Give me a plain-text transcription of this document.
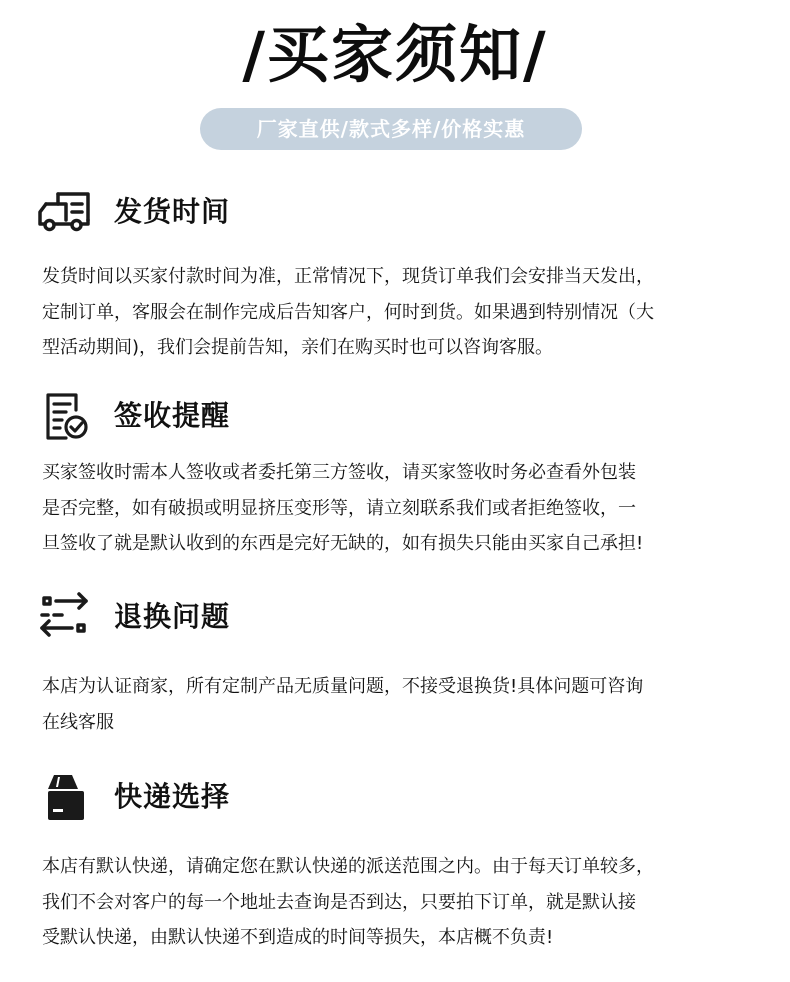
/买家须知/
厂家直供/款式多样/价格实惠
发货时间
发货时间以买家付款时间为准，正常情况下，现货订单我们会安排当天发出，
定制订单，客服会在制作完成后告知客户，何时到货。如果遇到特别情况（大
型活动期间)，我们会提前告知，亲们在购买时也可以咨询客服。
签收提醒
买家签收时需本人签收或者委托第三方签收，请买家签收时务必查看外包装
是否完整，如有破损或明显挤压变形等，请立刻联系我们或者拒绝签收，一
旦签收了就是默认收到的东西是完好无缺的，如有损失只能由买家自己承担!
退换问题
本店为认证商家，所有定制产品无质量问题，不接受退换货!具体问题可咨询
在线客服
快递选择
本店有默认快递，请确定您在默认快递的派送范围之内。由于每天订单较多，
我们不会对客户的每一个地址去查询是否到达，只要拍下订单，就是默认接
受默认快递，由默认快递不到造成的时间等损失，本店概不负责!
